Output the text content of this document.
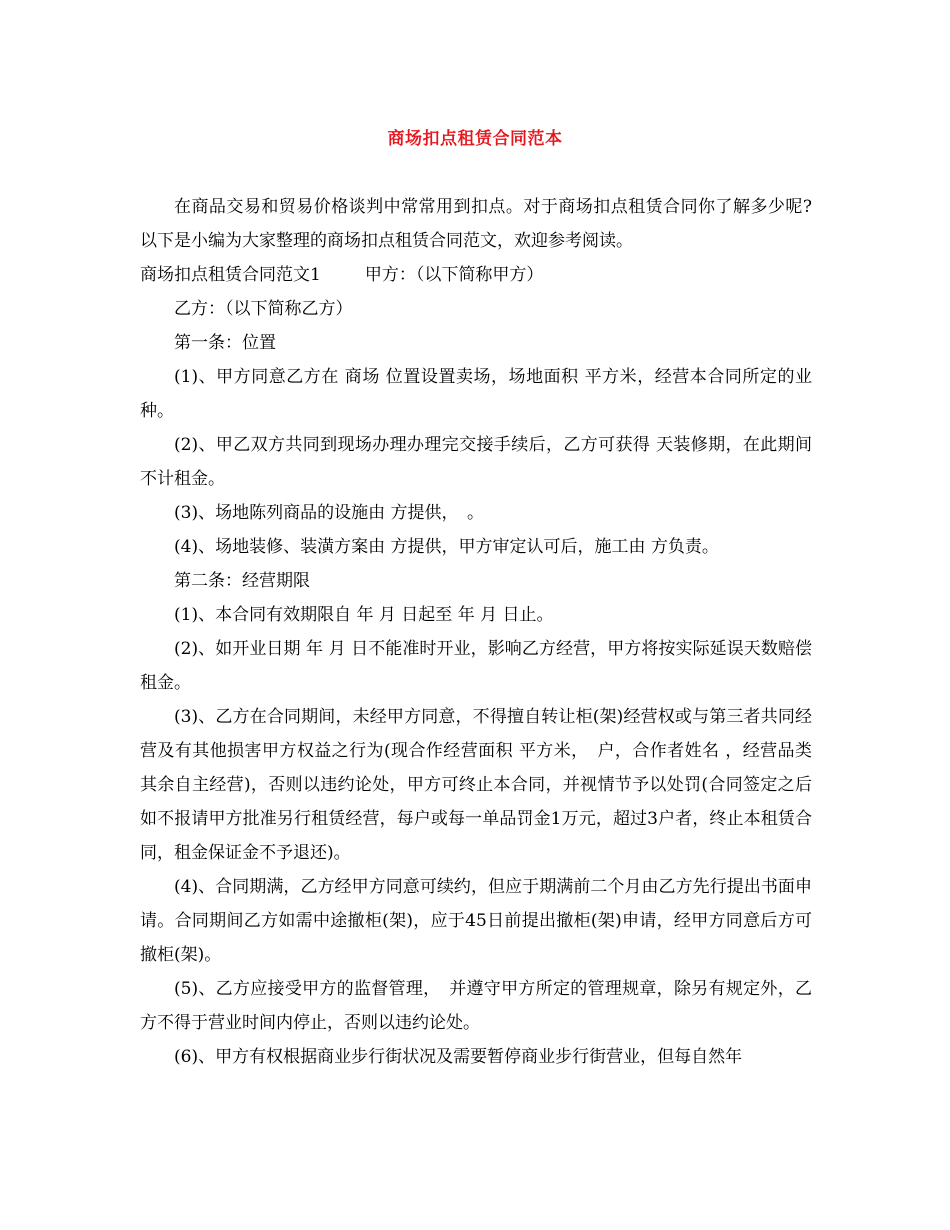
商场扣点租赁合同范本

在商品交易和贸易价格谈判中常常用到扣点。对于商场扣点租赁合同你了解多少呢?以下是小编为大家整理的商场扣点租赁合同范文，欢迎参考阅读。

商场扣点租赁合同范文1	甲方：（以下简称甲方）

乙方：（以下简称乙方）

第一条：位置

(1)、甲方同意乙方在 商场 位置设置卖场，场地面积 平方米，经营本合同所定的业种。

(2)、甲乙双方共同到现场办理办理完交接手续后，乙方可获得 天装修期，在此期间不计租金。

(3)、场地陈列商品的设施由 方提供，　。

(4)、场地装修、装潢方案由 方提供，甲方审定认可后，施工由 方负责。

第二条：经营期限

(1)、本合同有效期限自 年 月 日起至 年 月 日止。

(2)、如开业日期 年 月 日不能准时开业，影响乙方经营，甲方将按实际延误天数赔偿租金。

(3)、乙方在合同期间，未经甲方同意，不得擅自转让柜(架)经营权或与第三者共同经营及有其他损害甲方权益之行为(现合作经营面积 平方米，　户，合作者姓名 ，经营品类 其余自主经营)，否则以违约论处，甲方可终止本合同，并视情节予以处罚(合同签定之后如不报请甲方批准另行租赁经营，每户或每一单品罚金1万元，超过3户者，终止本租赁合同，租金保证金不予退还)。

(4)、合同期满，乙方经甲方同意可续约，但应于期满前二个月由乙方先行提出书面申请。合同期间乙方如需中途撤柜(架)，应于45日前提出撤柜(架)申请，经甲方同意后方可撤柜(架)。

(5)、乙方应接受甲方的监督管理，　并遵守甲方所定的管理规章，除另有规定外，乙方不得于营业时间内停止，否则以违约论处。

(6)、甲方有权根据商业步行街状况及需要暂停商业步行街营业，但每自然年
